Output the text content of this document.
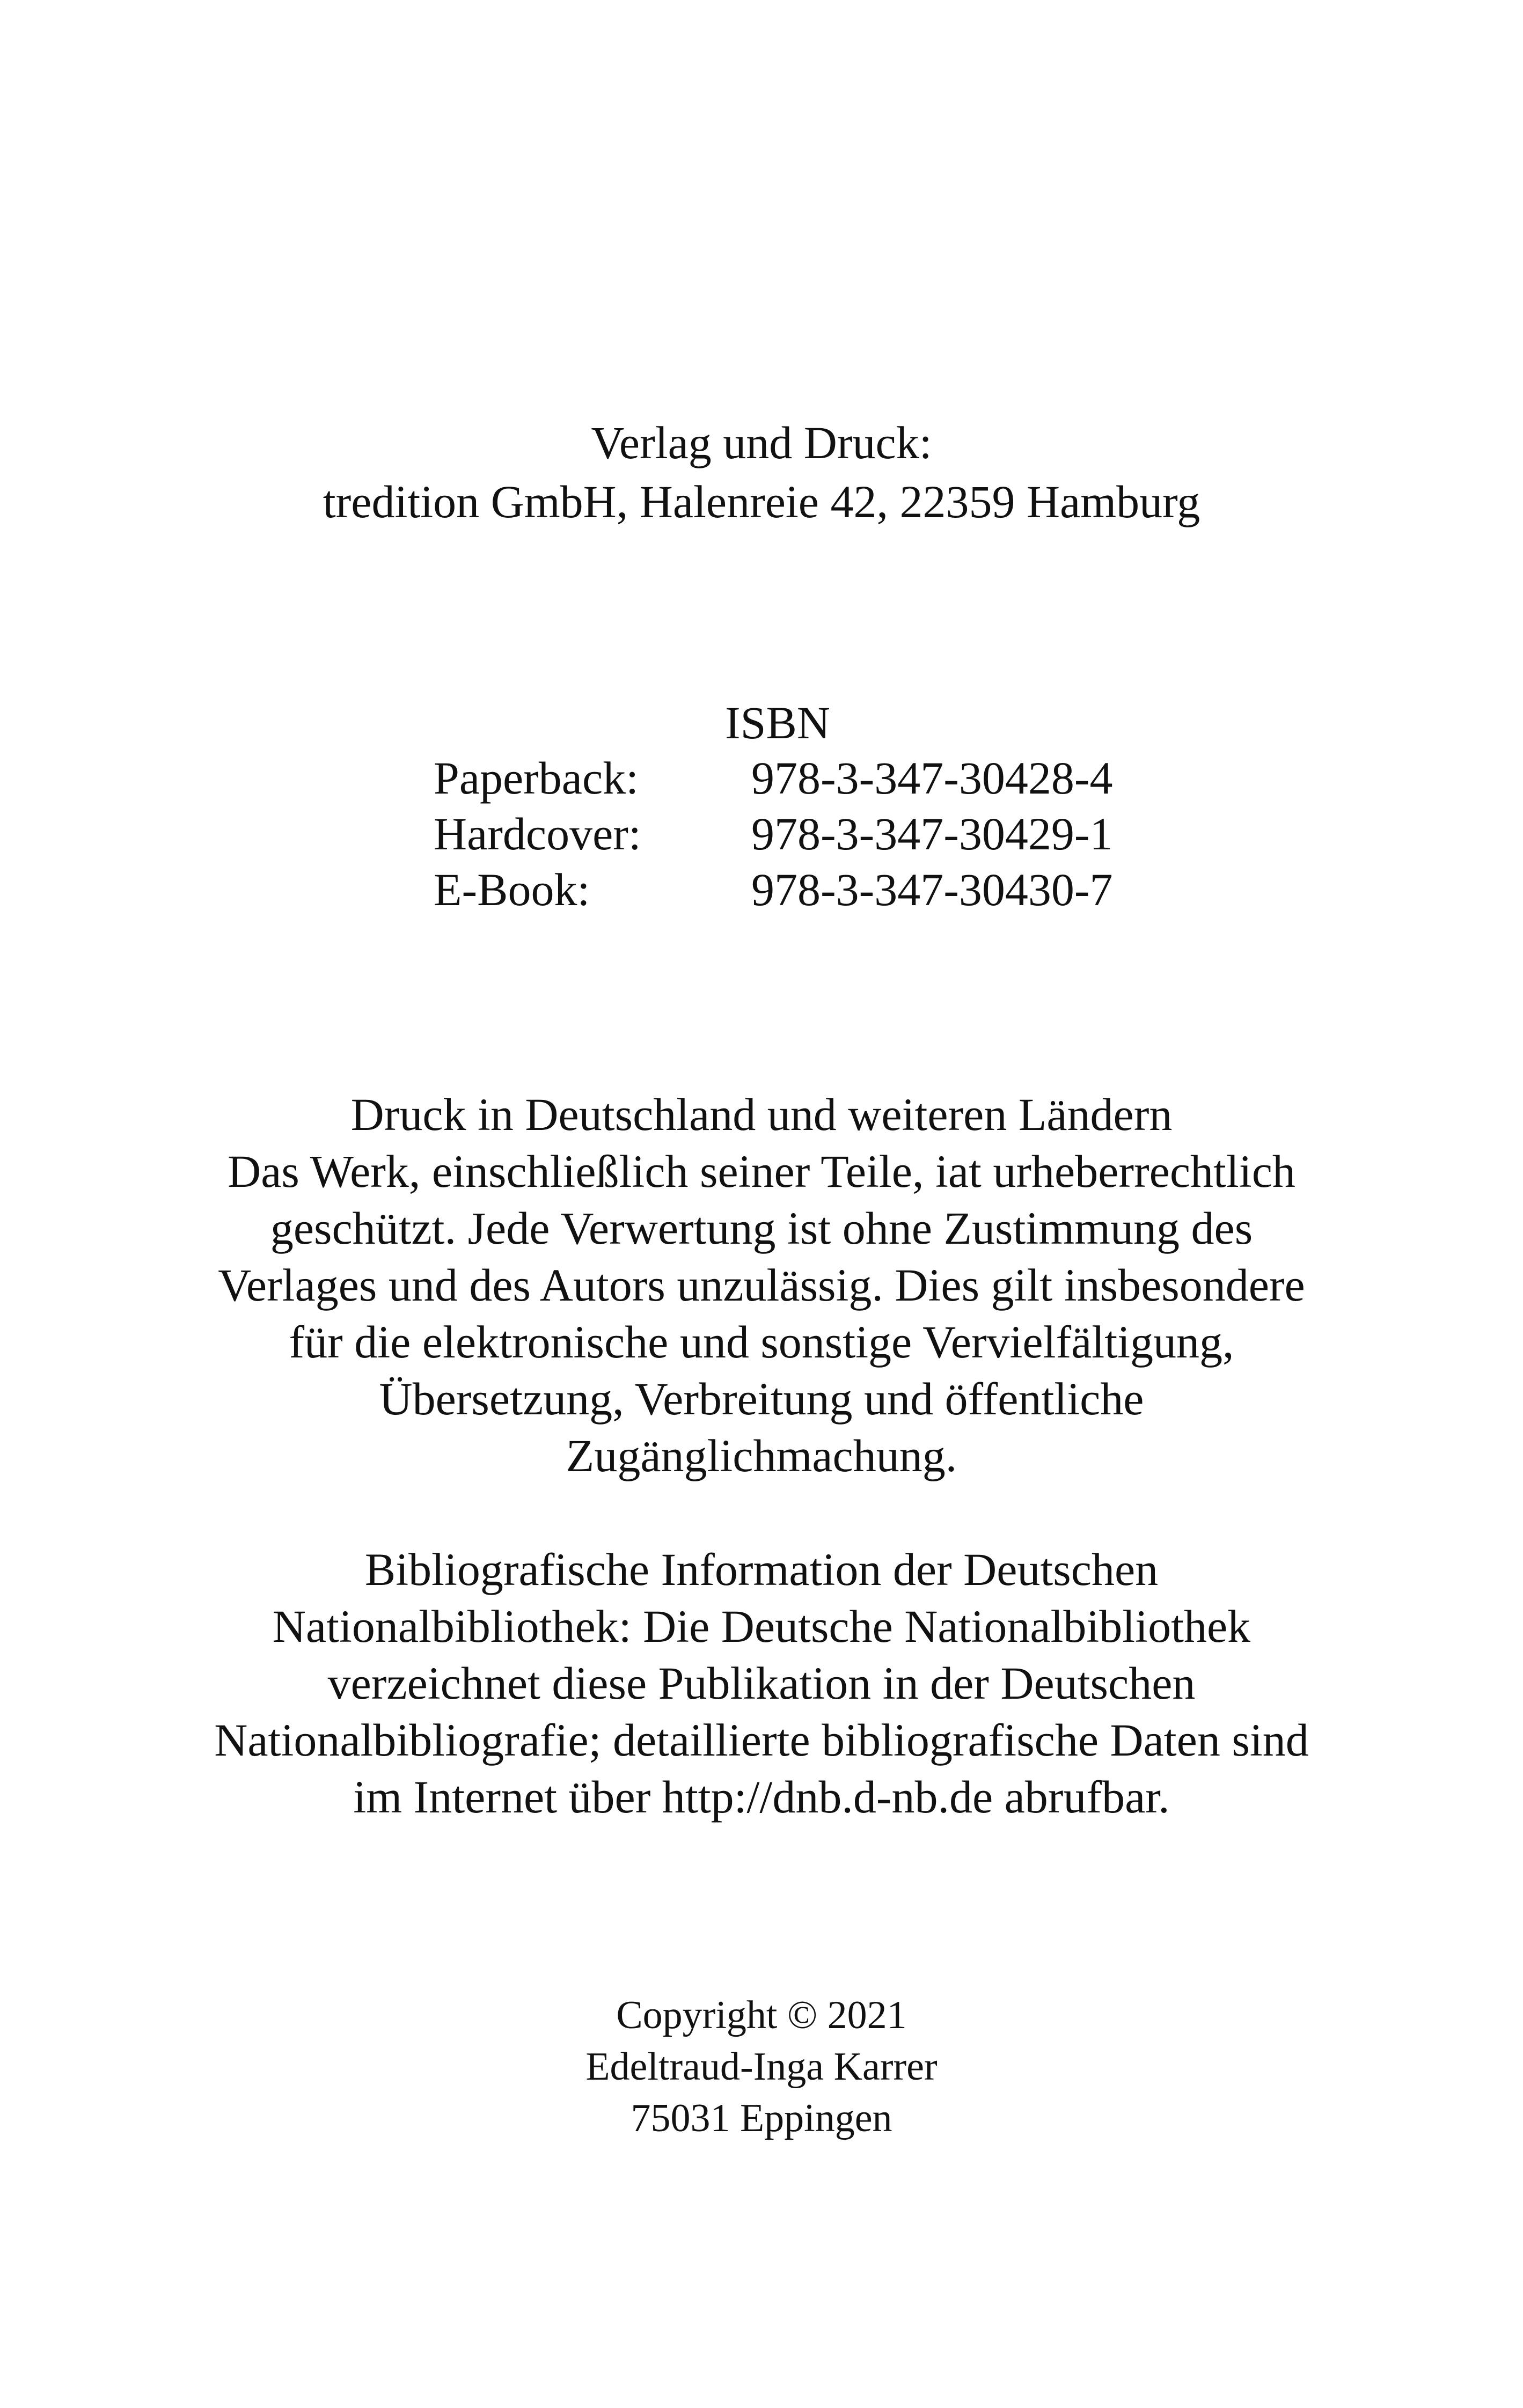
Verlag und Druck:
tredition GmbH, Halenreie 42, 22359 Hamburg
ISBN
Paperback: 978-3-347-30428-4
Hardcover: 978-3-347-30429-1
E-Book:	978-3-347-30430-7
Druck in Deutschland und weiteren Ländern
Das Werk, einschließlich seiner Teile, iat urheberrechtlich
geschützt. Jede Verwertung ist ohne Zustimmung des
Verlages und des Autors unzulässig. Dies gilt insbesondere
für die elektronische und sonstige Vervielfältigung,
Übersetzung, Verbreitung und öffentliche
Zugänglichmachung.
Bibliografische Information der Deutschen
Nationalbibliothek: Die Deutsche Nationalbibliothek
verzeichnet diese Publikation in der Deutschen
Nationalbibliografie; detaillierte bibliografische Daten sind
im Internet über http://dnb.d-nb.de abrufbar.
Copyright © 2021
Edeltraud-Inga Karrer
75031 Eppingen
